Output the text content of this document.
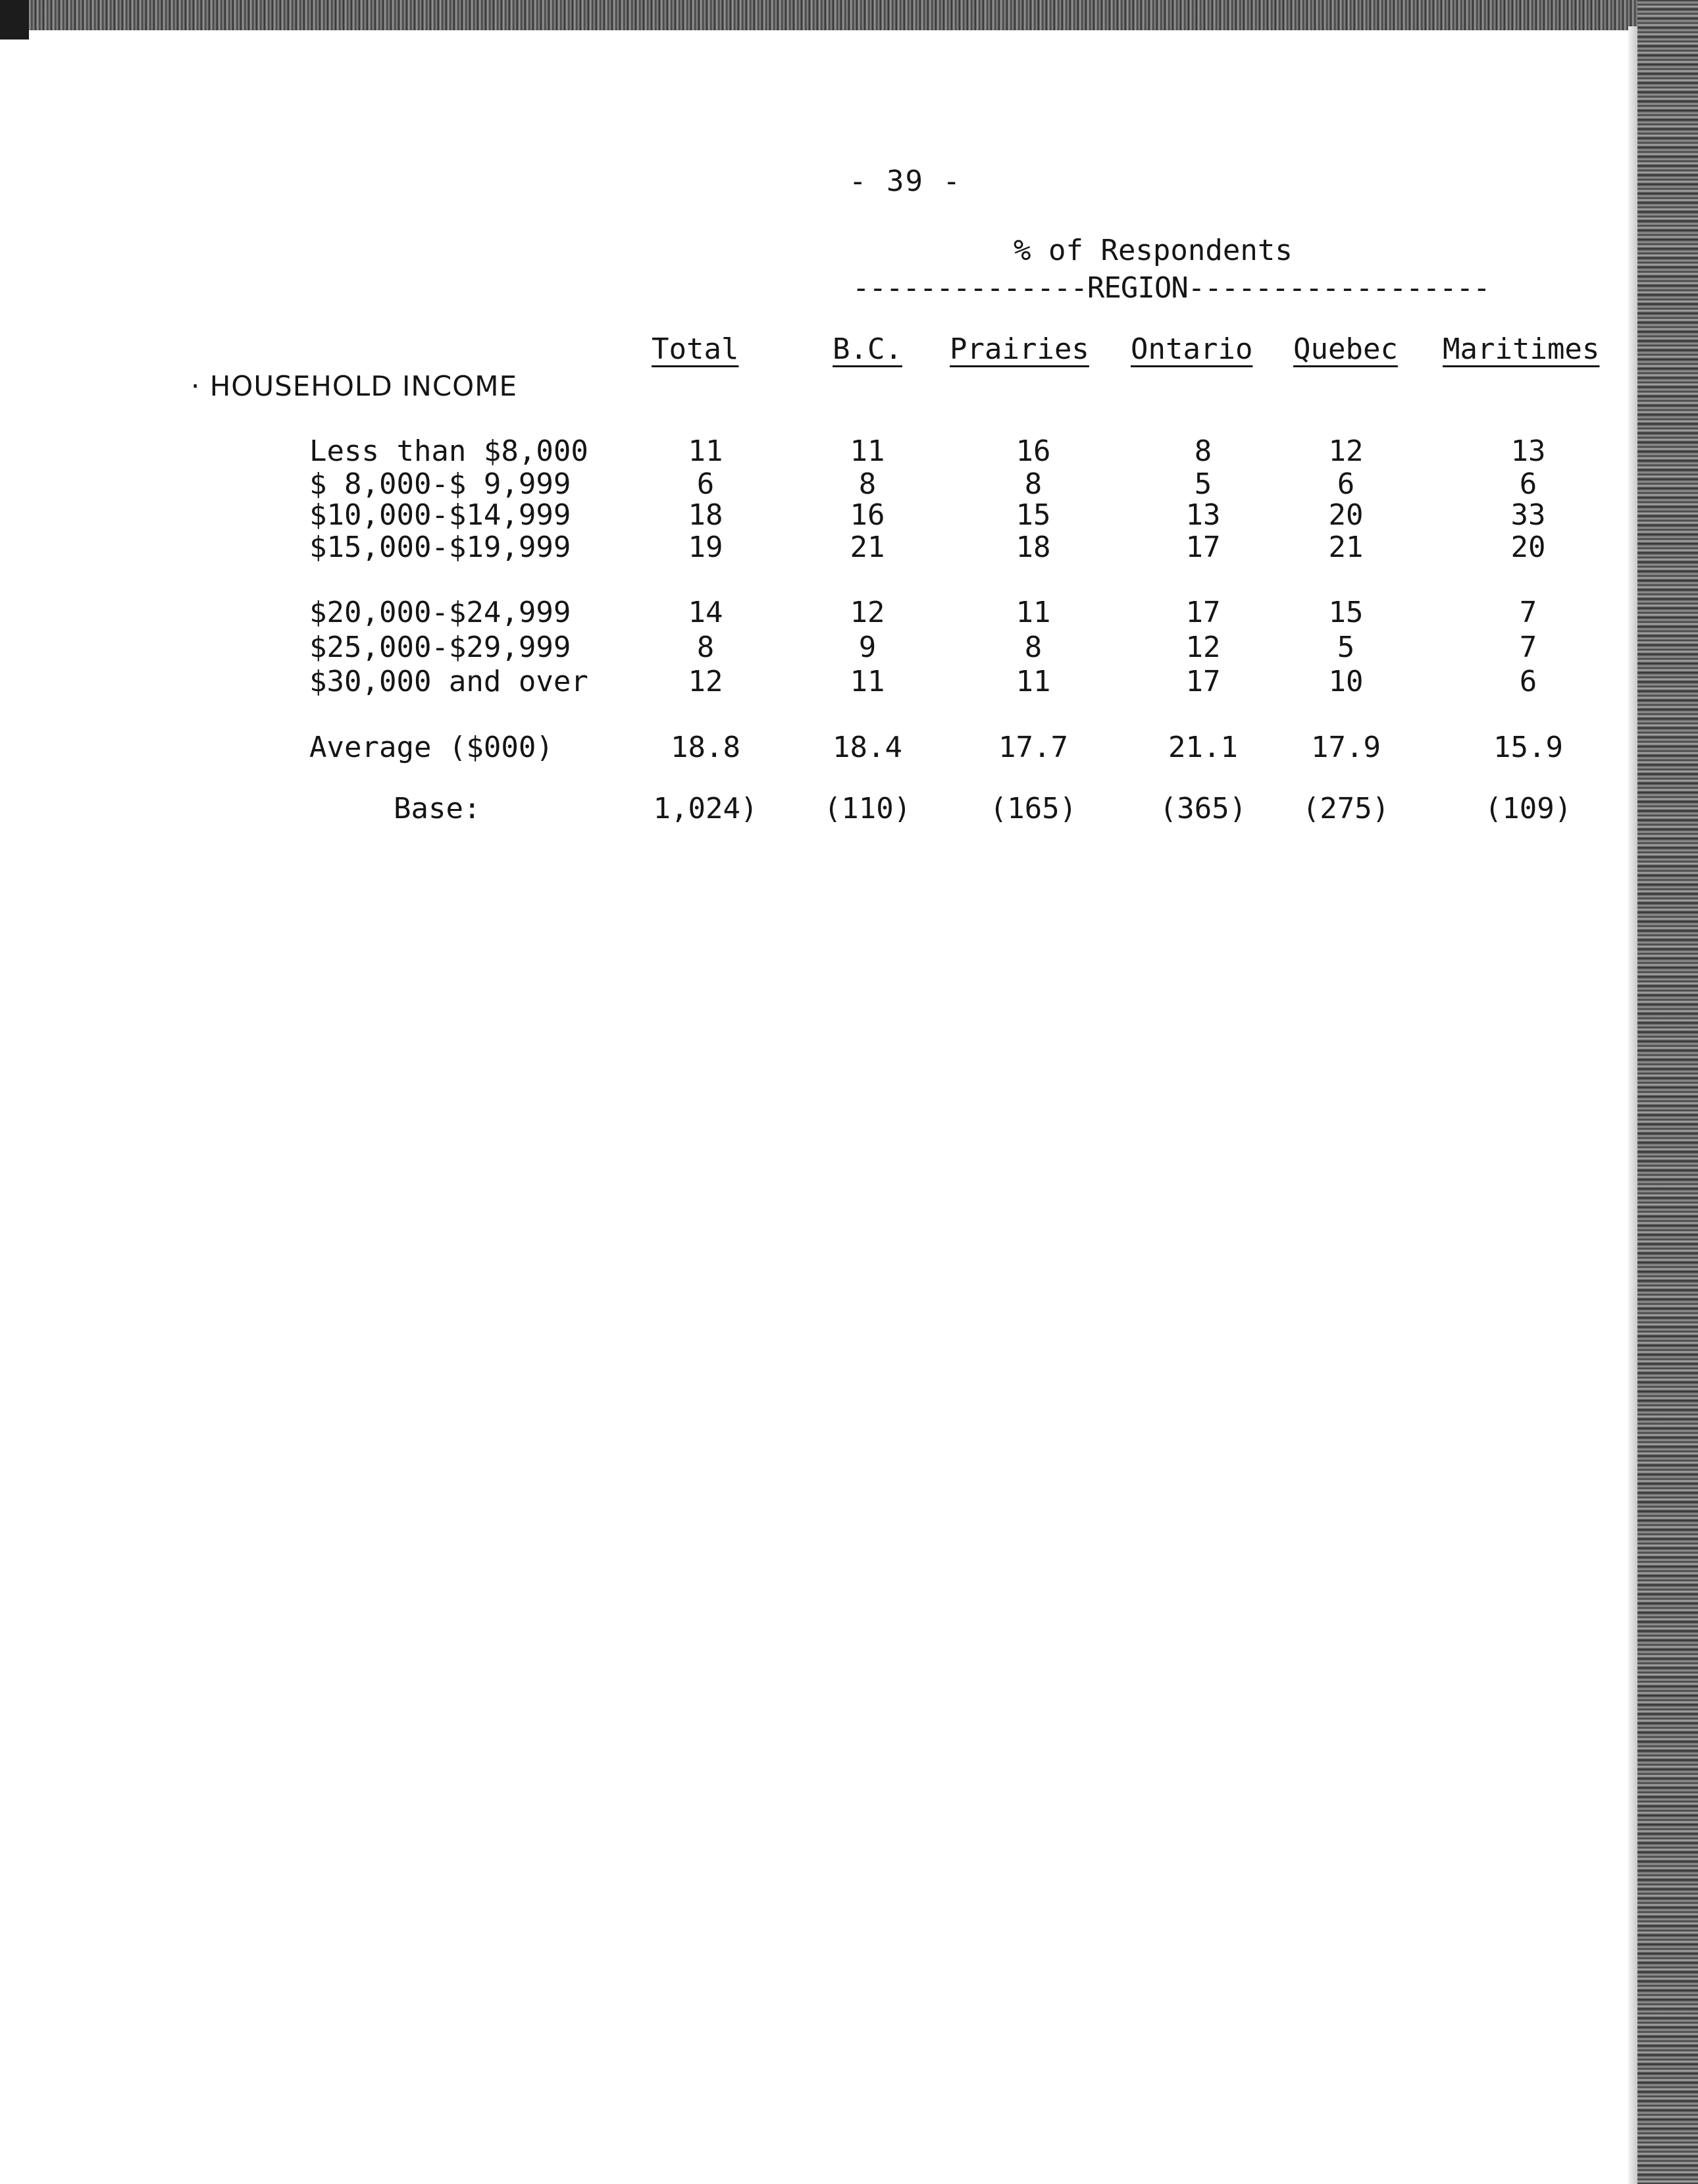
- 39 -
% of Respondents
--------------REGION------------------
Total	B.C. Prairies Ontario Quebec Maritimes
· HOUSEHOLD INCOME
Less than $8,000	11	11	16	8	12	13
$ 8,000-$ 9,999	6	8	8	5	6	6
$10,000-$14,999	18	16	15	13	20	33
$15,000-$19,999	19	21	18	17	21	20
$20,000-$24,999	14	12	11	17	15	7
$25,000-$29,999	8	9	8	12	5	7
$30,000 and over	12	11	11	17	10	6
Average ($000)	18.8	18.4	17.7	21.1	17.9	15.9
Base:	1,024) (110)	(165)	(365) (275)	(109)
